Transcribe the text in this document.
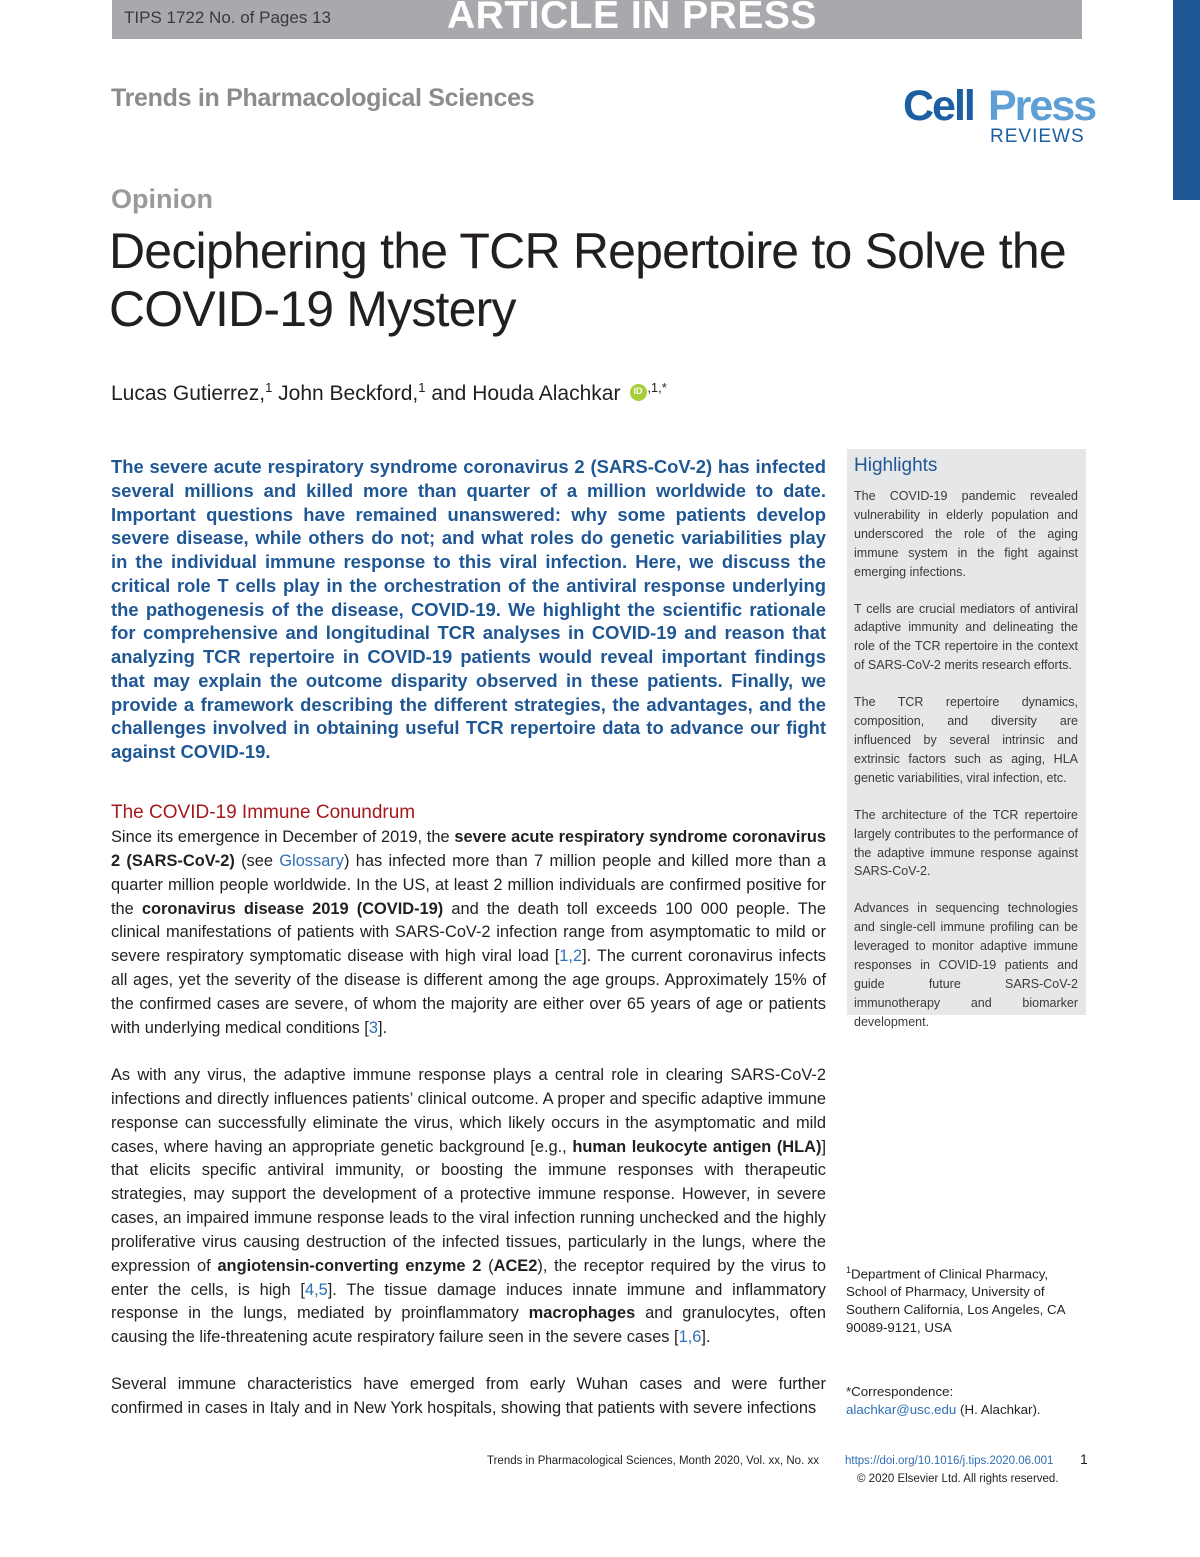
TIPS 1722 No. of Pages 13	ARTICLE IN PRESS
Trends in Pharmacological Sciences	Cell Press
REVIEWS
Opinion
Deciphering the TCR Repertoire to Solve the COVID-19 Mystery
Lucas Gutierrez,$^1$ John Beckford,$^1$ and Houda Alachkar iD $^{,1,*}$

The severe acute respiratory syndrome coronavirus 2 (SARS-CoV-2) has infected several millions and killed more than quarter of a million worldwide to date. Important questions have remained unanswered: why some patients develop severe disease, while others do not; and what roles do genetic variabilities play in the individual immune response to this viral infection. Here, we discuss the critical role T cells play in the orchestration of the antiviral response underlying the pathogenesis of the disease, COVID-19. We highlight the scientific rationale for comprehensive and longitudinal TCR analyses in COVID-19 and reason that analyzing TCR repertoire in COVID-19 patients would reveal important findings that may explain the outcome disparity observed in these patients. Finally, we provide a framework describing the different strategies, the advantages, and the challenges involved in obtaining useful TCR repertoire data to advance our fight against COVID-19.

The COVID-19 Immune Conundrum

Since its emergence in December of 2019, the severe acute respiratory syndrome coronavirus 2 (SARS-CoV-2) (see Glossary) has infected more than 7 million people and killed more than a quarter million people worldwide. In the US, at least 2 million individuals are confirmed positive for the coronavirus disease 2019 (COVID-19) and the death toll exceeds 100 000 people. The clinical manifestations of patients with SARS-CoV-2 infection range from asymptomatic to mild or severe respiratory symptomatic disease with high viral load [1,2]. The current coronavirus infects all ages, yet the severity of the disease is different among the age groups. Approximately 15% of the confirmed cases are severe, of whom the majority are either over 65 years of age or patients with underlying medical conditions [3].

As with any virus, the adaptive immune response plays a central role in clearing SARS-CoV-2 infections and directly influences patients’ clinical outcome. A proper and specific adaptive immune response can successfully eliminate the virus, which likely occurs in the asymptomatic and mild cases, where having an appropriate genetic background [e.g., human leukocyte antigen (HLA)] that elicits specific antiviral immunity, or boosting the immune responses with therapeutic strategies, may support the development of a protective immune response. However, in severe cases, an impaired immune response leads to the viral infection running unchecked and the highly proliferative virus causing destruction of the infected tissues, particularly in the lungs, where the expression of angiotensin-converting enzyme 2 (ACE2), the receptor required by the virus to enter the cells, is high [4,5]. The tissue damage induces innate immune and inflammatory response in the lungs, mediated by proinflammatory macrophages and granulocytes, often causing the life-threatening acute respiratory failure seen in the severe cases [1,6].

Several immune characteristics have emerged from early Wuhan cases and were further confirmed in cases in Italy and in New York hospitals, showing that patients with severe infections

Highlights

The COVID-19 pandemic revealed vulnerability in elderly population and underscored the role of the aging immune system in the fight against emerging infections.

T cells are crucial mediators of antiviral adaptive immunity and delineating the role of the TCR repertoire in the context of SARS-CoV-2 merits research efforts.

The TCR repertoire dynamics, composition, and diversity are influenced by several intrinsic and extrinsic factors such as aging, HLA genetic variabilities, viral infection, etc.

The architecture of the TCR repertoire largely contributes to the performance of the adaptive immune response against SARS-CoV-2.

Advances in sequencing technologies and single-cell immune profiling can be leveraged to monitor adaptive immune responses in COVID-19 patients and guide future SARS-CoV-2 immunotherapy and biomarker development.

$^1$Department of Clinical Pharmacy, School of Pharmacy, University of Southern California, Los Angeles, CA 90089-9121, USA
*Correspondence:
alachkar@usc.edu (H. Alachkar).
Trends in Pharmacological Sciences, Month 2020, Vol. xx, No. xx https://doi.org/10.1016/j.tips.2020.06.001 1
© 2020 Elsevier Ltd. All rights reserved.
